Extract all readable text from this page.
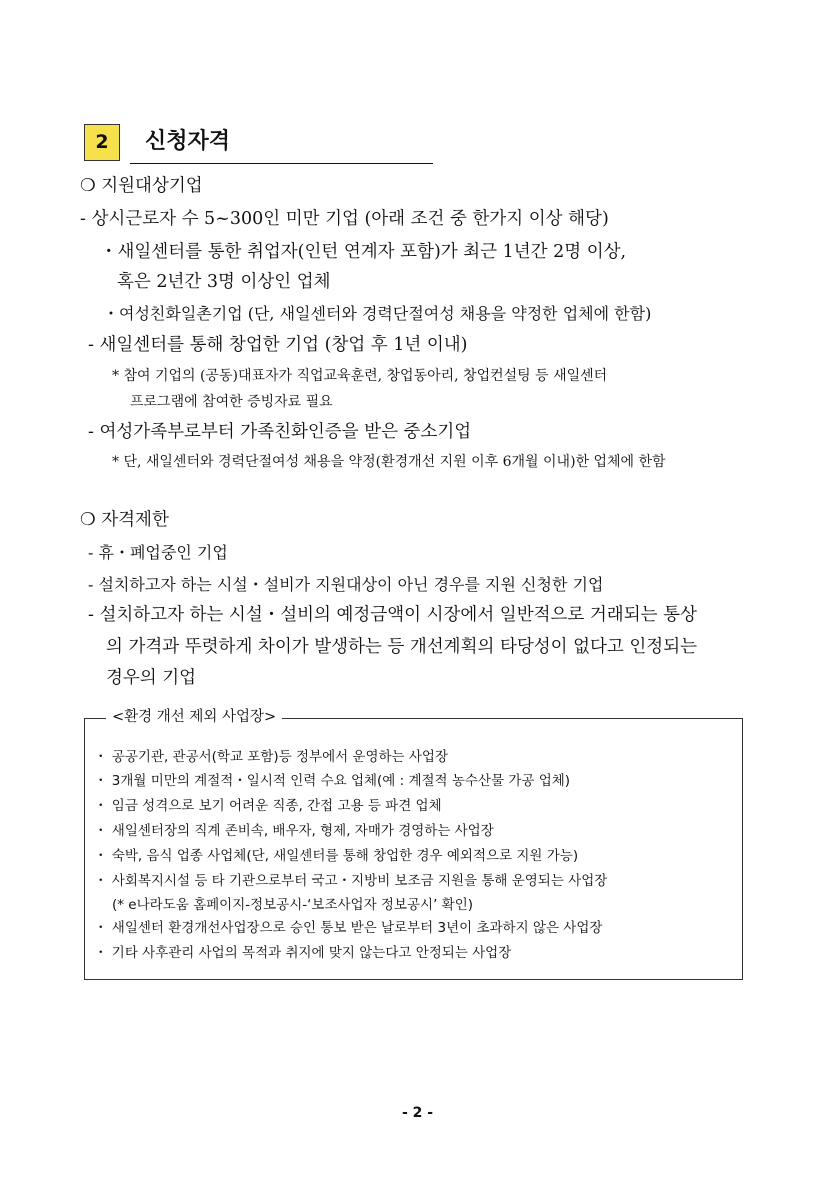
2	신청자격
❍ 지원대상기업
- 상시근로자 수 5~300인 미만 기업 (아래 조건 중 한가지 이상 해당)
・새일센터를 통한 취업자(인턴 연계자 포함)가 최근 1년간 2명 이상,
혹은 2년간 3명 이상인 업체
・여성친화일촌기업 (단, 새일센터와 경력단절여성 채용을 약정한 업체에 한함)
- 새일센터를 통해 창업한 기업 (창업 후 1년 이내)
* 참여 기업의 (공동)대표자가 직업교육훈련, 창업동아리, 창업컨설팅 등 새일센터
프로그램에 참여한 증빙자료 필요
- 여성가족부로부터 가족친화인증을 받은 중소기업
* 단, 새일센터와 경력단절여성 채용을 약정(환경개선 지원 이후 6개월 이내)한 업체에 한함
❍ 자격제한
- 휴・폐업중인 기업
- 설치하고자 하는 시설・설비가 지원대상이 아닌 경우를 지원 신청한 기업
- 설치하고자 하는 시설・설비의 예정금액이 시장에서 일반적으로 거래되는 통상
의 가격과 뚜렷하게 차이가 발생하는 등 개선계획의 타당성이 없다고 인정되는
경우의 기업
<환경 개선 제외 사업장>
・ 공공기관, 관공서(학교 포함)등 정부에서 운영하는 사업장
・ 3개월 미만의 계절적・일시적 인력 수요 업체(예 : 계절적 농수산물 가공 업체)
・ 임금 성격으로 보기 어려운 직종, 간접 고용 등 파견 업체
・ 새일센터장의 직계 존비속, 배우자, 형제, 자매가 경영하는 사업장
・ 숙박, 음식 업종 사업체(단, 새일센터를 통해 창업한 경우 예외적으로 지원 가능)
・ 사회복지시설 등 타 기관으로부터 국고・지방비 보조금 지원을 통해 운영되는 사업장
(* e나라도움 홈페이지-정보공시-‘보조사업자 정보공시’ 확인)
・ 새일센터 환경개선사업장으로 승인 통보 받은 날로부터 3년이 초과하지 않은 사업장
・ 기타 사후관리 사업의 목적과 취지에 맞지 않는다고 안정되는 사업장
- 2 -
